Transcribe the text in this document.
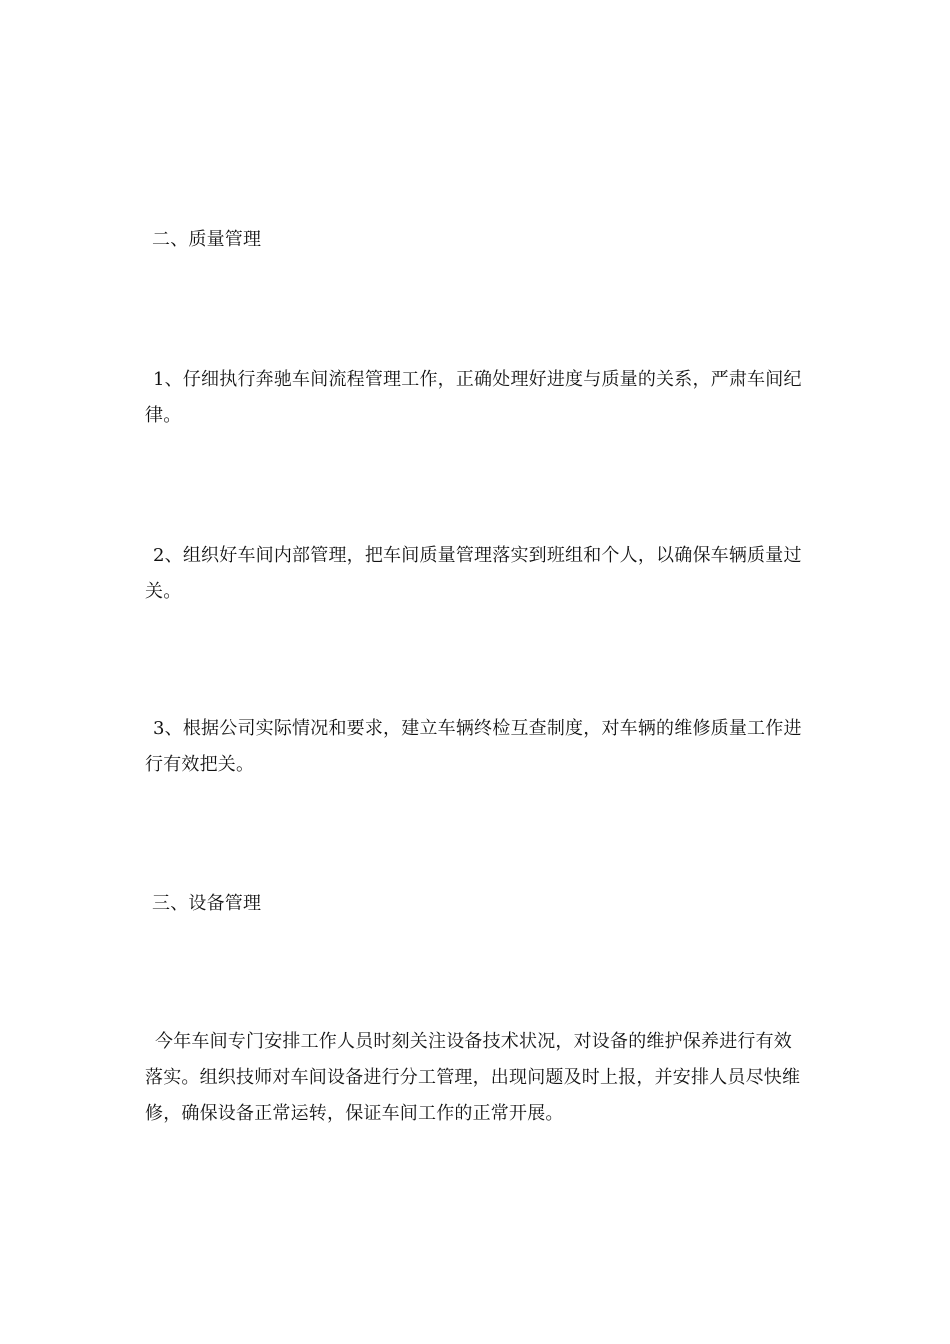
二、质量管理
1、仔细执行奔驰车间流程管理工作，正确处理好进度与质量的关系，严肃车间纪律。
2、组织好车间内部管理，把车间质量管理落实到班组和个人，以确保车辆质量过关。
3、根据公司实际情况和要求，建立车辆终检互查制度，对车辆的维修质量工作进行有效把关。
三、设备管理
今年车间专门安排工作人员时刻关注设备技术状况，对设备的维护保养进行有效落实。组织技师对车间设备进行分工管理，出现问题及时上报，并安排人员尽快维修，确保设备正常运转，保证车间工作的正常开展。
